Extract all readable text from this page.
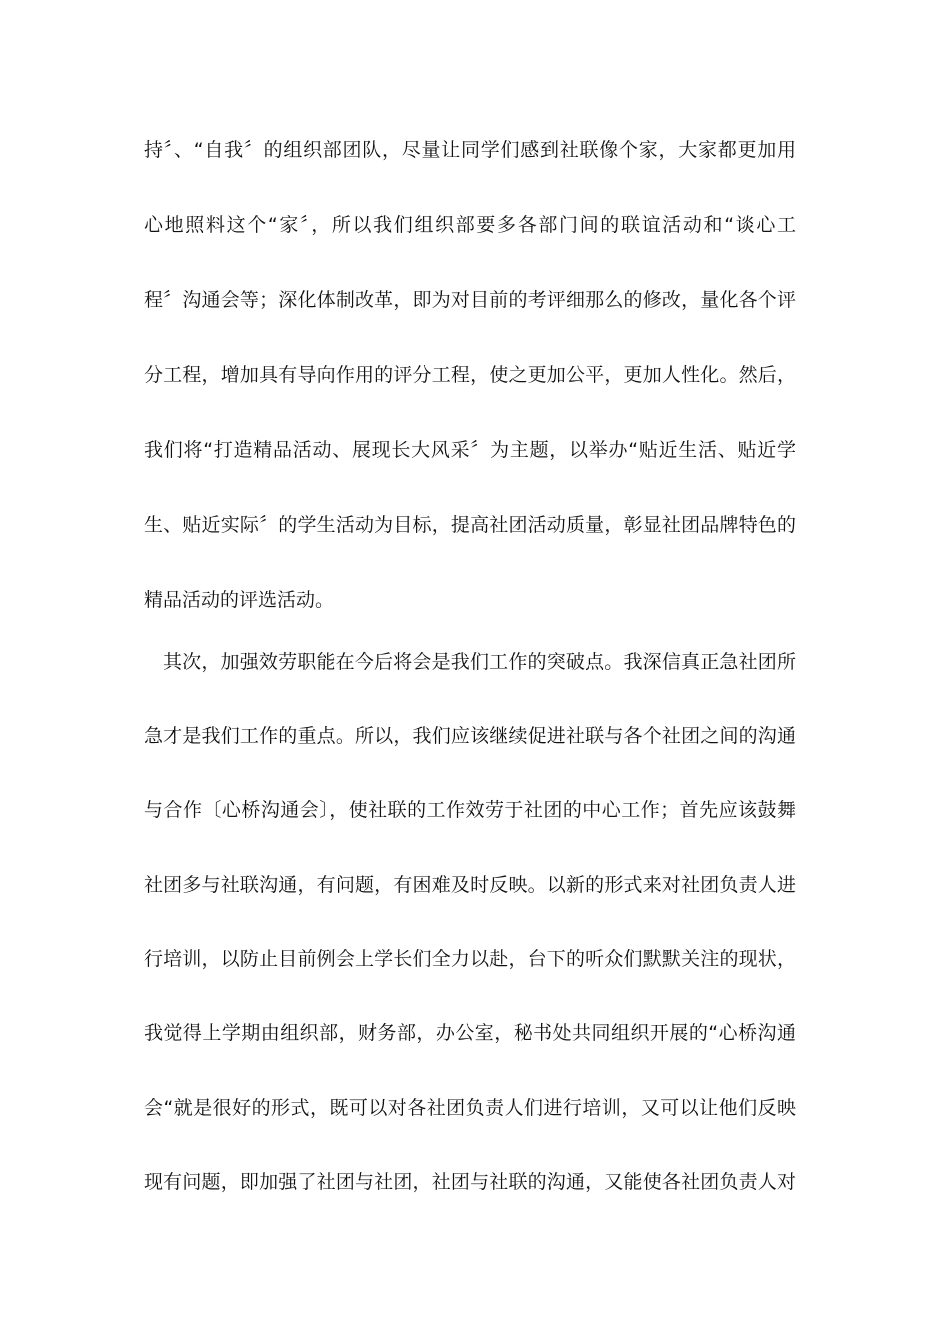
持〞、“自我〞的组织部团队，尽量让同学们感到社联像个家，大家都更加用
心地照料这个“家〞，所以我们组织部要多各部门间的联谊活动和“谈心工
程〞沟通会等；深化体制改革，即为对目前的考评细那么的修改，量化各个评
分工程，增加具有导向作用的评分工程，使之更加公平，更加人性化。然后，
我们将“打造精品活动、展现长大风采〞为主题，以举办“贴近生活、贴近学
生、贴近实际〞的学生活动为目标，提高社团活动质量，彰显社团品牌特色的
精品活动的评选活动。
其次，加强效劳职能在今后将会是我们工作的突破点。我深信真正急社团所
急才是我们工作的重点。所以，我们应该继续促进社联与各个社团之间的沟通
与合作〔心桥沟通会〕，使社联的工作效劳于社团的中心工作；首先应该鼓舞
社团多与社联沟通，有问题，有困难及时反映。以新的形式来对社团负责人进
行培训，以防止目前例会上学长们全力以赴，台下的听众们默默关注的现状，
我觉得上学期由组织部，财务部，办公室，秘书处共同组织开展的“心桥沟通
会“就是很好的形式，既可以对各社团负责人们进行培训，又可以让他们反映
现有问题，即加强了社团与社团，社团与社联的沟通，又能使各社团负责人对
